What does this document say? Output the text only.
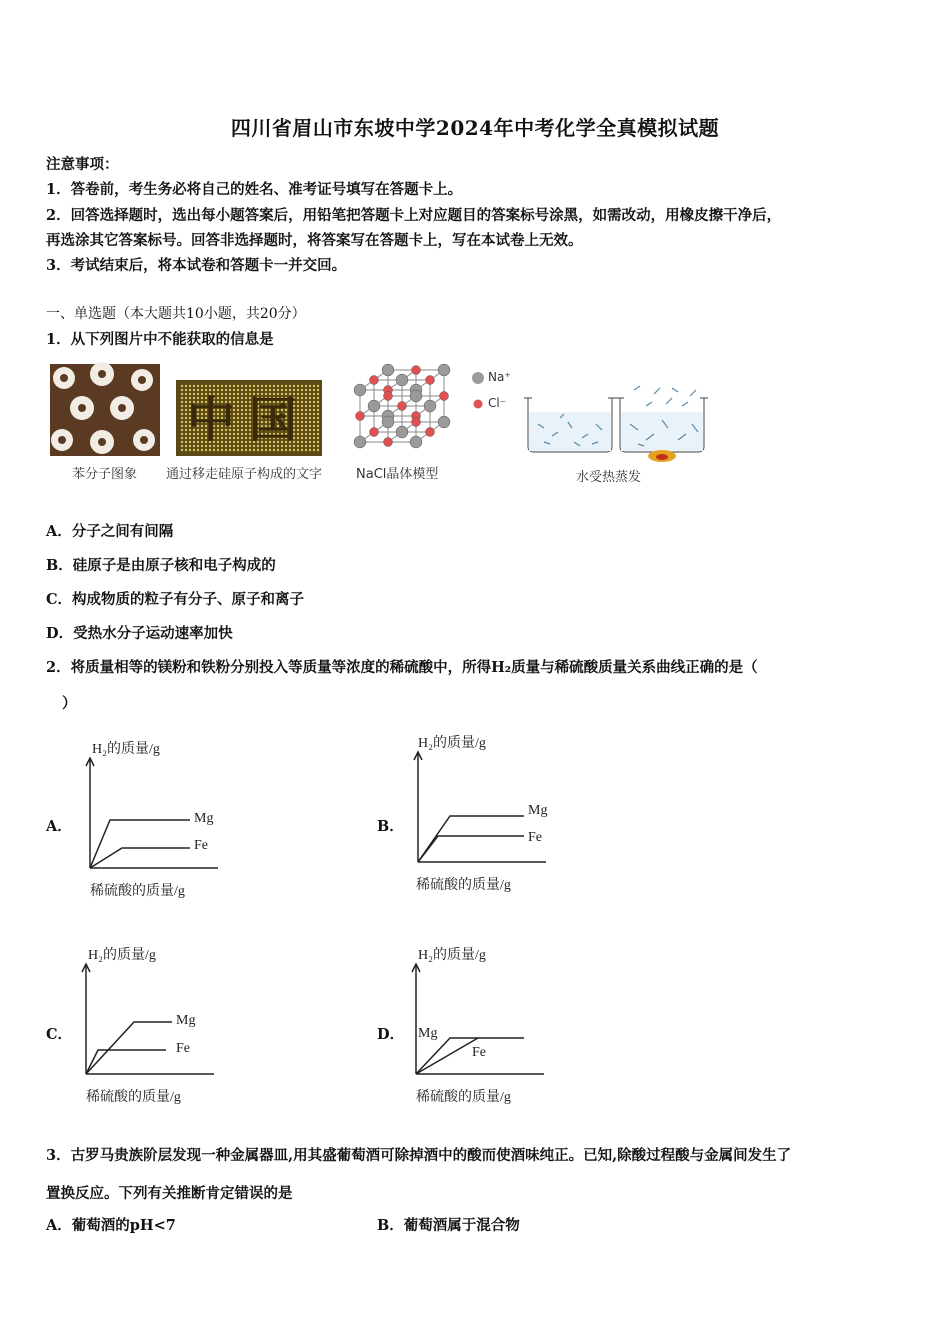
四川省眉山市东坡中学2024年中考化学全真模拟试题
注意事项：
1．答卷前，考生务必将自己的姓名、准考证号填写在答题卡上。
2．回答选择题时，选出每小题答案后，用铅笔把答题卡上对应题目的答案标号涂黑，如需改动，用橡皮擦干净后，
再选涂其它答案标号。回答非选择题时，将答案写在答题卡上，写在本试卷上无效。
3．考试结束后，将本试卷和答题卡一并交回。
一、单选题（本大题共10小题，共20分）
1．从下列图片中不能获取的信息是
苯分子图象
中国
通过移走硅原子构成的文字	NaCl晶体模型
Na⁺
Cl⁻
水受热蒸发
A．分子之间有间隔
B．硅原子是由原子核和电子构成的
C．构成物质的粒子有分子、原子和离子
D．受热水分子运动速率加快
2．将质量相等的镁粉和铁粉分别投入等质量等浓度的稀硫酸中，所得H₂质量与稀硫酸质量关系曲线正确的是（
）
A．
H₂的质量/g
Mg
Fe
稀硫酸的质量/g
B．
H₂的质量/g
Mg
Fe
稀硫酸的质量/g
C．
H₂的质量/g
Mg
Fe
稀硫酸的质量/g
D．
H₂的质量/g
Mg
Fe
稀硫酸的质量/g
3．古罗马贵族阶层发现一种金属器皿,用其盛葡萄酒可除掉酒中的酸而使酒味纯正。已知,除酸过程酸与金属间发生了
置换反应。下列有关推断肯定错误的是
A．葡萄酒的pH<7	B．葡萄酒属于混合物
